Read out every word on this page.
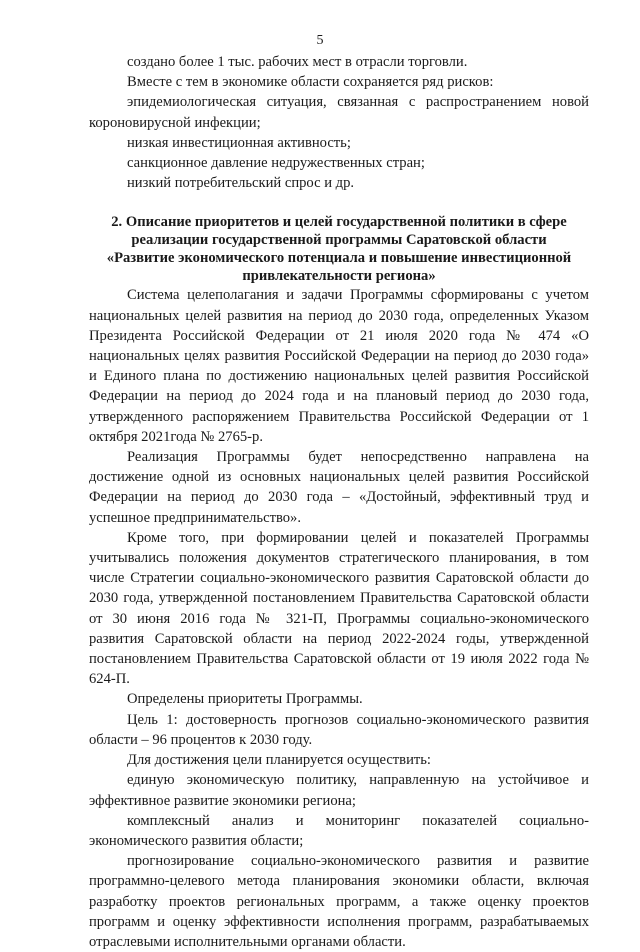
5

создано более 1 тыс. рабочих мест в отрасли торговли.

Вместе с тем в экономике области сохраняется ряд рисков:

эпидемиологическая ситуация, связанная с распространением новой короновирусной инфекции;

низкая инвестиционная активность;

санкционное давление недружественных стран;

низкий потребительский спрос и др.

2. Описание приоритетов и целей государственной политики в сфере
реализации государственной программы Саратовской области
«Развитие экономического потенциала и повышение инвестиционной
привлекательности региона»

Система целеполагания и задачи Программы сформированы с учетом национальных целей развития на период до 2030 года, определенных Указом Президента Российской Федерации от 21 июля 2020 года № 474 «О национальных целях развития Российской Федерации на период до 2030 года» и Единого плана по достижению национальных целей развития Российской Федерации на период до 2024 года и на плановый период до 2030 года, утвержденного распоряжением Правительства Российской Федерации от 1 октября 2021года № 2765-р.

Реализация Программы будет непосредственно направлена на достижение одной из основных национальных целей развития Российской Федерации на период до 2030 года – «Достойный, эффективный труд и успешное предпринимательство».

Кроме того, при формировании целей и показателей Программы учитывались положения документов стратегического планирования, в том числе Стратегии социально-экономического развития Саратовской области до 2030 года, утвержденной постановлением Правительства Саратовской области от 30 июня 2016 года № 321-П, Программы социально-экономического развития Саратовской области на период 2022-2024 годы, утвержденной постановлением Правительства Саратовской области от 19 июля 2022 года № 624-П.

Определены приоритеты Программы.

Цель 1: достоверность прогнозов социально-экономического развития области – 96 процентов к 2030 году.

Для достижения цели планируется осуществить:

единую экономическую политику, направленную на устойчивое и эффективное развитие экономики региона;

комплексный анализ и мониторинг показателей социально-экономического развития области;

прогнозирование социально-экономического развития и развитие программно-целевого метода планирования экономики области, включая разработку проектов региональных программ, а также оценку проектов программ и оценку эффективности исполнения программ, разрабатываемых отраслевыми исполнительными органами области.
